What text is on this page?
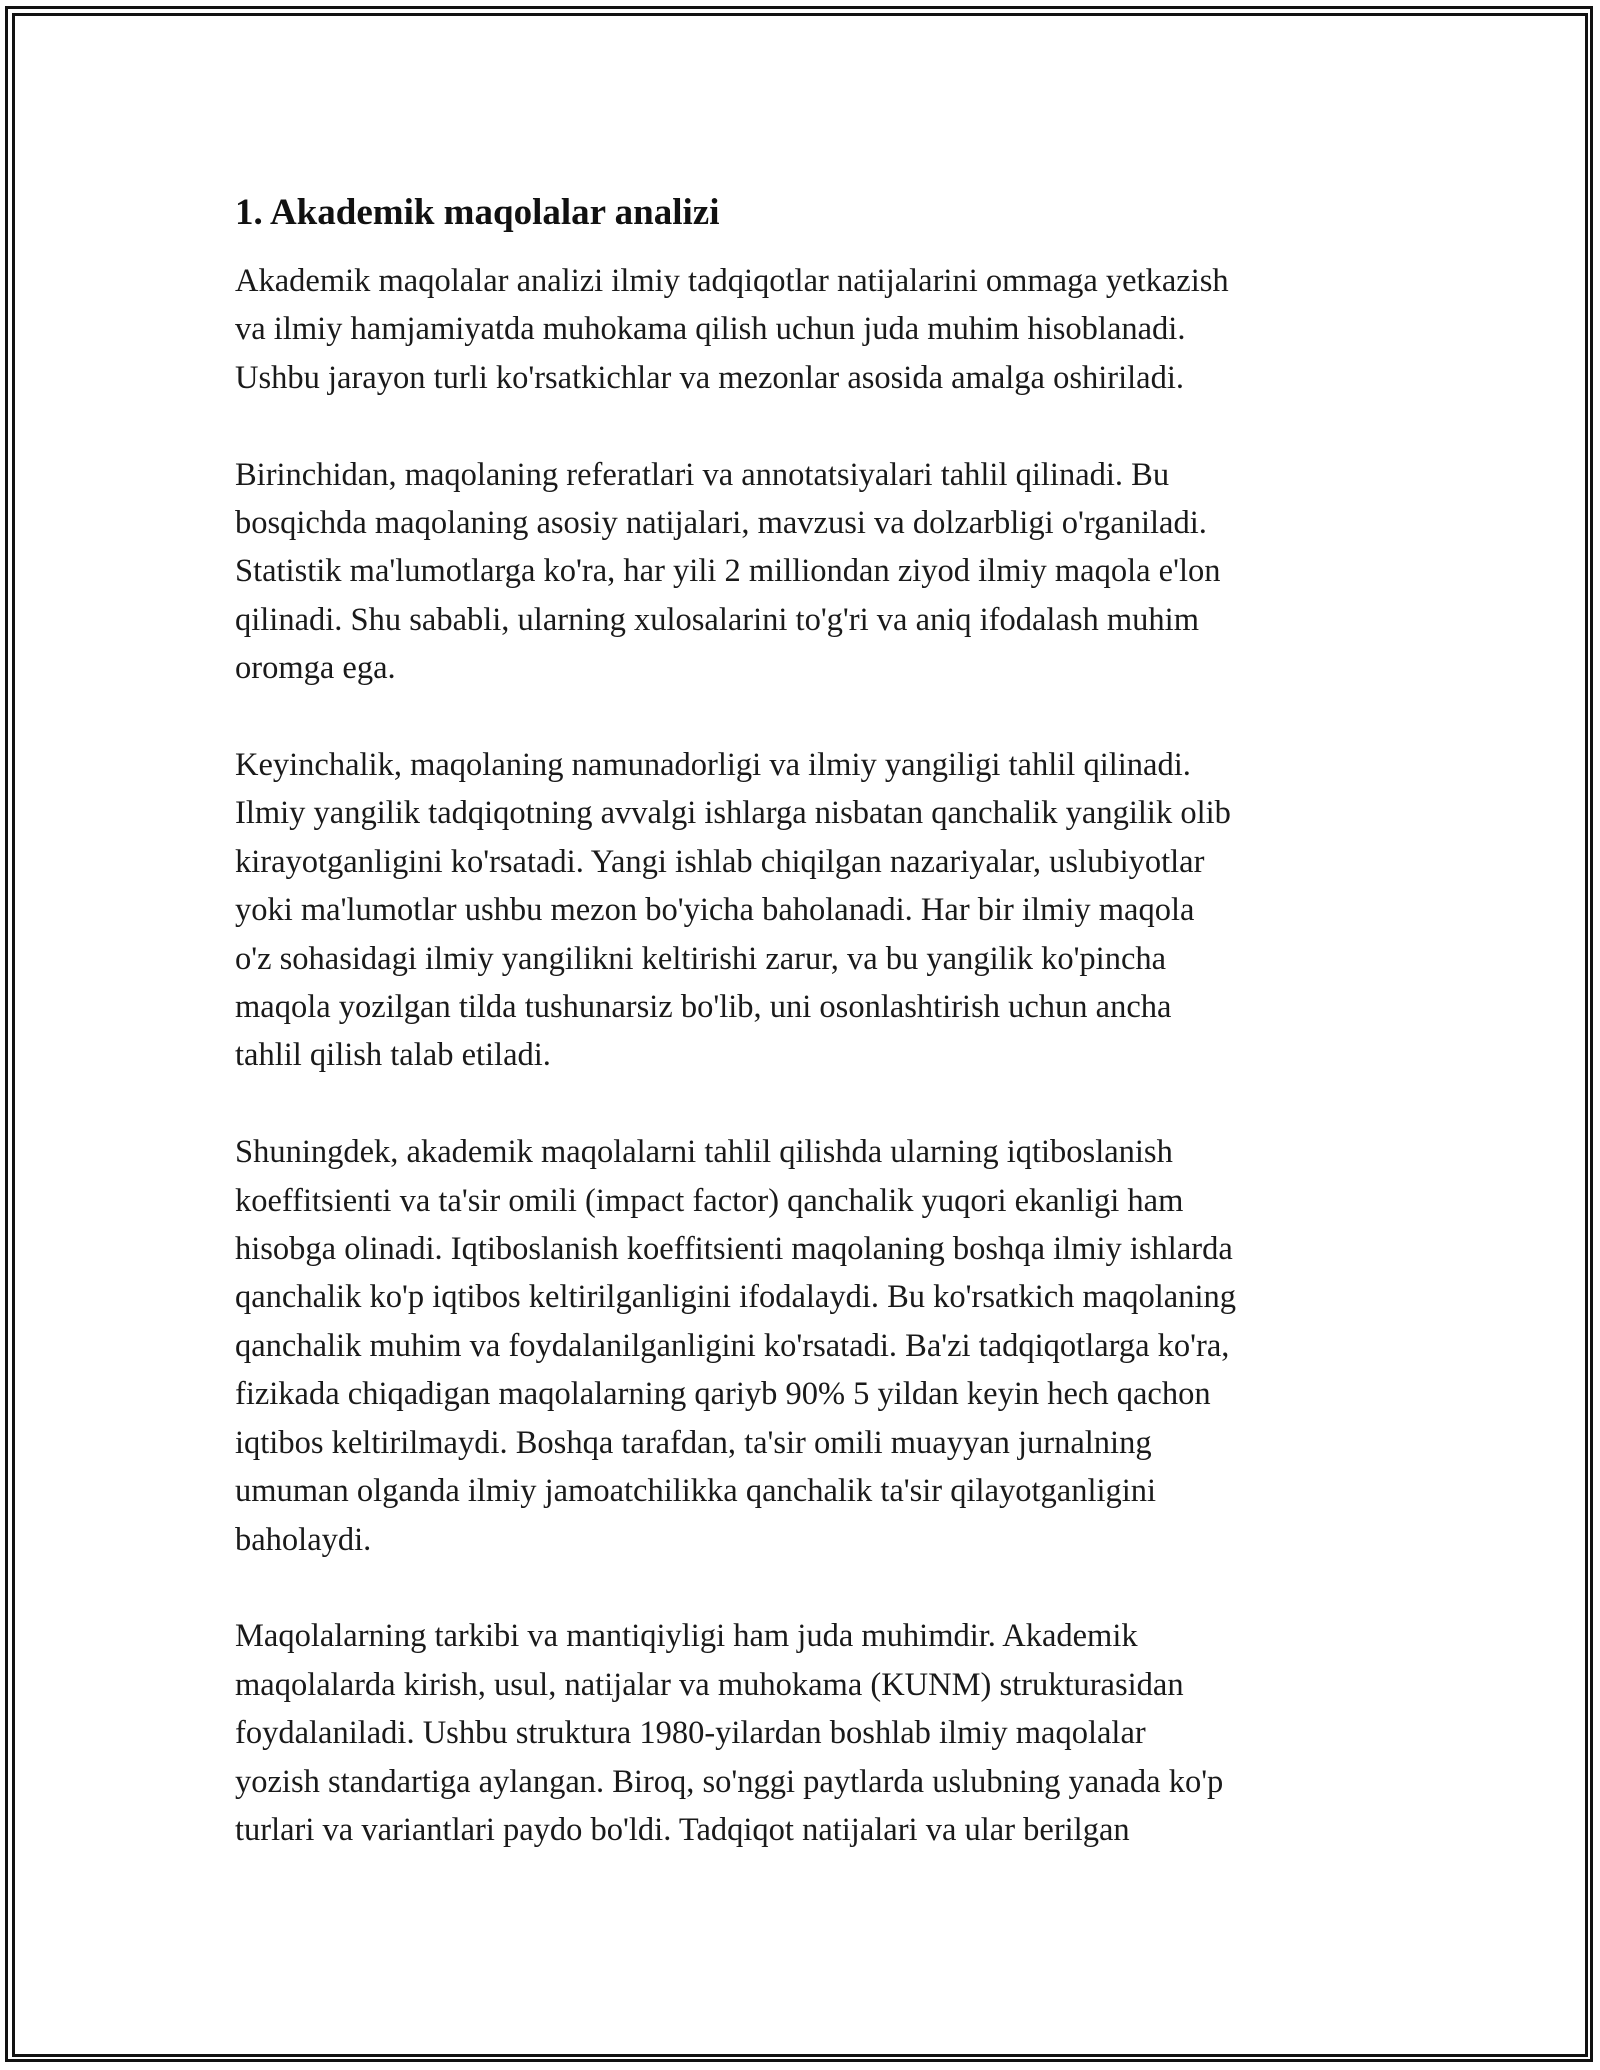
1. Akademik maqolalar analizi

Akademik maqolalar analizi ilmiy tadqiqotlar natijalarini ommaga yetkazish
va ilmiy hamjamiyatda muhokama qilish uchun juda muhim hisoblanadi.
Ushbu jarayon turli ko'rsatkichlar va mezonlar asosida amalga oshiriladi.

Birinchidan, maqolaning referatlari va annotatsiyalari tahlil qilinadi. Bu
bosqichda maqolaning asosiy natijalari, mavzusi va dolzarbligi o'rganiladi.
Statistik ma'lumotlarga ko'ra, har yili 2 milliondan ziyod ilmiy maqola e'lon
qilinadi. Shu sababli, ularning xulosalarini to'g'ri va aniq ifodalash muhim
oromga ega.

Keyinchalik, maqolaning namunadorligi va ilmiy yangiligi tahlil qilinadi.
Ilmiy yangilik tadqiqotning avvalgi ishlarga nisbatan qanchalik yangilik olib
kirayotganligini ko'rsatadi. Yangi ishlab chiqilgan nazariyalar, uslubiyotlar
yoki ma'lumotlar ushbu mezon bo'yicha baholanadi. Har bir ilmiy maqola
o'z sohasidagi ilmiy yangilikni keltirishi zarur, va bu yangilik ko'pincha
maqola yozilgan tilda tushunarsiz bo'lib, uni osonlashtirish uchun ancha
tahlil qilish talab etiladi.

Shuningdek, akademik maqolalarni tahlil qilishda ularning iqtiboslanish
koeffitsienti va ta'sir omili (impact factor) qanchalik yuqori ekanligi ham
hisobga olinadi. Iqtiboslanish koeffitsienti maqolaning boshqa ilmiy ishlarda
qanchalik ko'p iqtibos keltirilganligini ifodalaydi. Bu ko'rsatkich maqolaning
qanchalik muhim va foydalanilganligini ko'rsatadi. Ba'zi tadqiqotlarga ko'ra,
fizikada chiqadigan maqolalarning qariyb 90% 5 yildan keyin hech qachon
iqtibos keltirilmaydi. Boshqa tarafdan, ta'sir omili muayyan jurnalning
umuman olganda ilmiy jamoatchilikka qanchalik ta'sir qilayotganligini
baholaydi.

Maqolalarning tarkibi va mantiqiyligi ham juda muhimdir. Akademik
maqolalarda kirish, usul, natijalar va muhokama (KUNM) strukturasidan
foydalaniladi. Ushbu struktura 1980-yilardan boshlab ilmiy maqolalar
yozish standartiga aylangan. Biroq, so'nggi paytlarda uslubning yanada ko'p
turlari va variantlari paydo bo'ldi. Tadqiqot natijalari va ular berilgan
